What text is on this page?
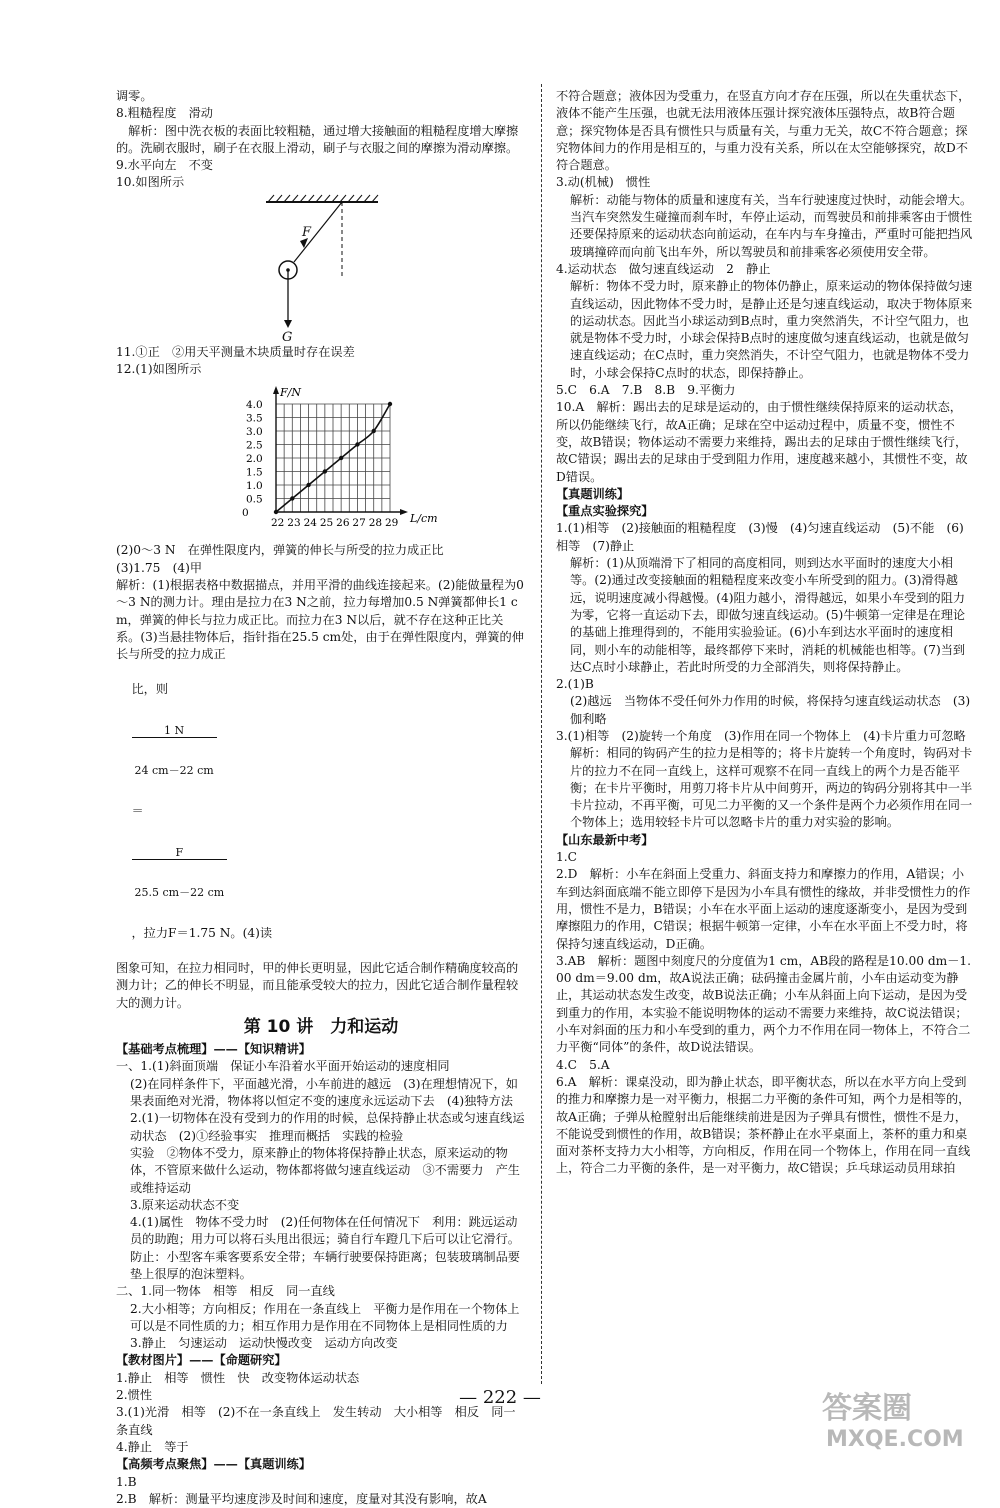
调零。

8.粗糙程度　滑动

　解析：图中洗衣板的表面比较粗糙，通过增大接触面的粗糙程度增大摩擦的。洗刷衣服时，刷子在衣服上滑动，刷子与衣服之间的摩擦为滑动摩擦。

9.水平向左　不变

10.如图所示

F
G

11.①正　②用天平测量木块质量时存在误差

12.(1)如图所示

0
0.5
1.0
1.5
2.0
2.5
3.0
3.5
4.0
22 23 24 25 26 27 28 29
F/N
L/cm

(2)0～3 N　在弹性限度内，弹簧的伸长与所受的拉力成正比

(3)1.75　(4)甲

解析：(1)根据表格中数据描点，并用平滑的曲线连接起来。(2)能做量程为0～3 N的测力计。理由是拉力在3 N之前，拉力每增加0.5 N弹簧都伸长1 cm，弹簧的伸长与拉力成正比。而拉力在3 N以后，就不存在这种正比关系。(3)当悬挂物体后，指针指在25.5 cm处，由于在弹性限度内，弹簧的伸长与所受的拉力成正

比，则

$\frac{1 N}{24 cm-22 cm}$

＝

$\frac{F}{25.5 cm-22 cm}$

，拉力F＝1.75 N。(4)读

图象可知，在拉力相同时，甲的伸长更明显，因此它适合制作精确度较高的测力计；乙的伸长不明显，而且能承受较大的拉力，因此它适合制作量程较大的测力计。

第 10 讲　力和运动

【基础考点梳理】——【知识精讲】

一、1.(1)斜面顶端　保证小车沿着水平面开始运动的速度相同

(2)在同样条件下，平面越光滑，小车前进的越远　(3)在理想情况下，如果表面绝对光滑，物体将以恒定不变的速度永远运动下去　(4)独特方法

2.(1)一切物体在没有受到力的作用的时候，总保持静止状态或匀速直线运动状态　(2)①经验事实　推理而概括　实践的检验

实验　②物体不受力，原来静止的物体将保持静止状态，原来运动的物体，不管原来做什么运动，物体都将做匀速直线运动　③不需要力　产生或维持运动

3.原来运动状态不变

4.(1)属性　物体不受力时　(2)任何物体在任何情况下　利用：跳远运动员的助跑；用力可以将石头甩出很远；骑自行车蹬几下后可以让它滑行。

防止：小型客车乘客要系安全带；车辆行驶要保持距离；包装玻璃制品要垫上很厚的泡沫塑料。

二、1.同一物体　相等　相反　同一直线

2.大小相等；方向相反；作用在一条直线上　平衡力是作用在一个物体上可以是不同性质的力；相互作用力是作用在不同物体上是相同性质的力

3.静止　匀速运动　运动快慢改变　运动方向改变

【教材图片】——【命题研究】

1.静止　相等　惯性　快　改变物体运动状态

2.惯性

3.(1)光滑　相等　(2)不在一条直线上　发生转动　大小相等　相反　同一条直线

4.静止　等于

【高频考点聚焦】——【真题训练】

1.B

2.B　解析：测量平均速度涉及时间和速度，度量对其没有影响，故A

不符合题意；液体因为受重力，在竖直方向才存在压强，所以在失重状态下，液体不能产生压强，也就无法用液体压强计探究液体压强特点，故B符合题意；探究物体是否具有惯性只与质量有关，与重力无关，故C不符合题意；探究物体间力的作用是相互的，与重力没有关系，所以在太空能够探究，故D不符合题意。

3.动(机械)　惯性

解析：动能与物体的质量和速度有关，当车行驶速度过快时，动能会增大。当汽车突然发生碰撞而刹车时，车停止运动，而驾驶员和前排乘客由于惯性还要保持原来的运动状态向前运动，在车内与车身撞击，严重时可能把挡风玻璃撞碎而向前飞出车外，所以驾驶员和前排乘客必须使用安全带。

4.运动状态　做匀速直线运动　2　静止

解析：物体不受力时，原来静止的物体仍静止，原来运动的物体保持做匀速直线运动，因此物体不受力时，是静止还是匀速直线运动，取决于物体原来的运动状态。因此当小球运动到B点时，重力突然消失，不计空气阻力，也就是物体不受力时，小球会保持B点时的速度做匀速直线运动，也就是做匀速直线运动；在C点时，重力突然消失，不计空气阻力，也就是物体不受力时，小球会保持C点时的状态，即保持静止。

5.C　6.A　7.B　8.B　9.平衡力

10.A　解析：踢出去的足球是运动的，由于惯性继续保持原来的运动状态，所以仍能继续飞行，故A正确；足球在空中运动过程中，质量不变，惯性不变，故B错误；物体运动不需要力来维持，踢出去的足球由于惯性继续飞行，故C错误；踢出去的足球由于受到阻力作用，速度越来越小，其惯性不变，故D错误。

【真题训练】

【重点实验探究】

1.(1)相等　(2)接触面的粗糙程度　(3)慢　(4)匀速直线运动　(5)不能　(6)相等　(7)静止

解析：(1)从顶端滑下了相同的高度相同，则到达水平面时的速度大小相等。(2)通过改变接触面的粗糙程度来改变小车所受到的阻力。(3)滑得越远，说明速度减小得越慢。(4)阻力越小，滑得越远，如果小车受到的阻力为零，它将一直运动下去，即做匀速直线运动。(5)牛顿第一定律是在理论的基础上推理得到的，不能用实验验证。(6)小车到达水平面时的速度相同，则小车的动能相等，最终都停下来时，消耗的机械能也相等。(7)当到达C点时小球静止，若此时所受的力全部消失，则将保持静止。

2.(1)B

(2)越远　当物体不受任何外力作用的时候，将保持匀速直线运动状态　(3)伽利略

3.(1)相等　(2)旋转一个角度　(3)作用在同一个物体上　(4)卡片重力可忽略

解析：相同的钩码产生的拉力是相等的；将卡片旋转一个角度时，钩码对卡片的拉力不在同一直线上，这样可观察不在同一直线上的两个力是否能平衡；在卡片平衡时，用剪刀将卡片从中间剪开，两边的钩码分别将其中一半卡片拉动，不再平衡，可见二力平衡的又一个条件是两个力必须作用在同一个物体上；选用较轻卡片可以忽略卡片的重力对实验的影响。

【山东最新中考】

1.C

2.D　解析：小车在斜面上受重力、斜面支持力和摩擦力的作用，A错误；小车到达斜面底端不能立即停下是因为小车具有惯性的缘故，并非受惯性力的作用，惯性不是力，B错误；小车在水平面上运动的速度逐渐变小，是因为受到摩擦阻力的作用，C错误；根据牛顿第一定律，小车在水平面上不受力时，将保持匀速直线运动，D正确。

3.AB　解析：题图中刻度尺的分度值为1 cm，AB段的路程是10.00 dm－1.00 dm＝9.00 dm，故A说法正确；砝码撞击金属片前，小车由运动变为静止，其运动状态发生改变，故B说法正确；小车从斜面上向下运动，是因为受到重力的作用，本实验不能说明物体的运动不需要力来维持，故C说法错误；小车对斜面的压力和小车受到的重力，两个力不作用在同一物体上，不符合二力平衡“同体”的条件，故D说法错误。

4.C　5.A

6.A　解析：课桌没动，即为静止状态，即平衡状态，所以在水平方向上受到的推力和摩擦力是一对平衡力，根据二力平衡的条件可知，两个力是相等的，故A正确；子弹从枪膛射出后能继续前进是因为子弹具有惯性，惯性不是力，不能说受到惯性的作用，故B错误；茶杯静止在水平桌面上，茶杯的重力和桌面对茶杯支持力大小相等，方向相反，作用在同一个物体上，作用在同一直线上，符合二力平衡的条件，是一对平衡力，故C错误；乒乓球运动员用球拍

— 222 —	答案圈
MXQE.COM
